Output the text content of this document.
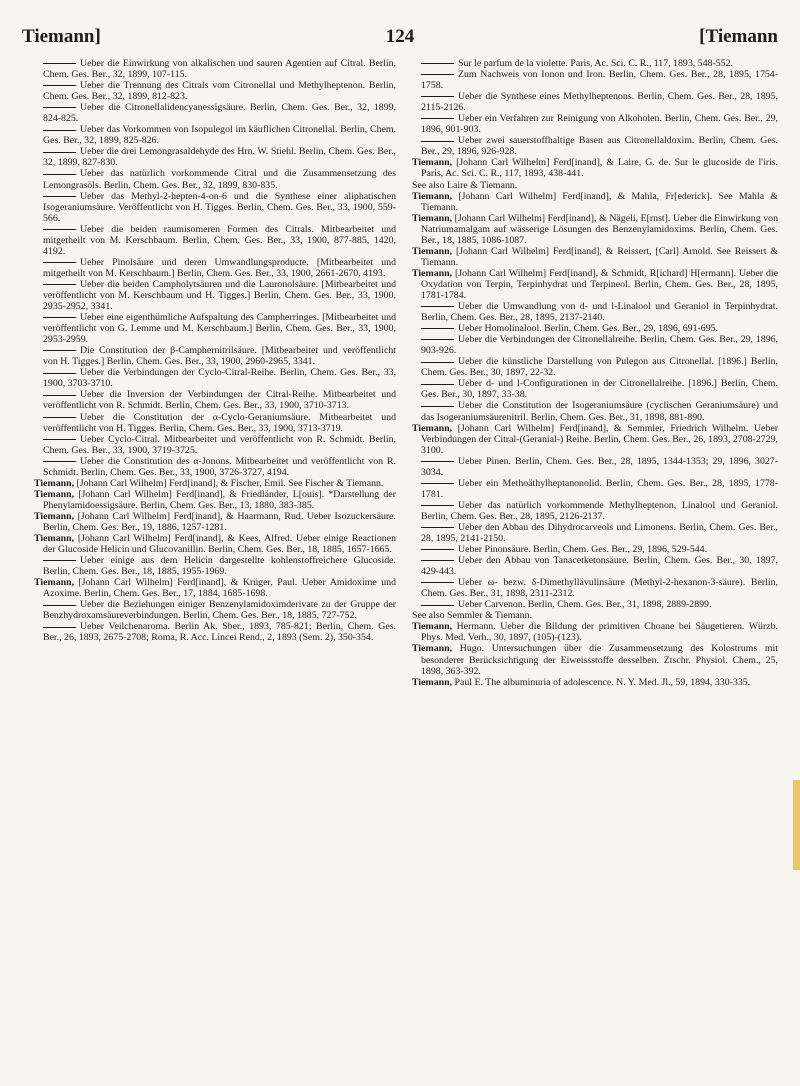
Tiemann]	124	[Tiemann

Ueber die Einwirkung von alkalischen und sauren Agentien auf Citral. Berlin, Chem. Ges. Ber., 32, 1899, 107-115.

Ueber die Trennung des Citrals vom Citronellal und Methylheptenon. Berlin, Chem. Ges. Ber., 32, 1899, 812-823.

Ueber die Citronellalidencyanessigsäure. Berlin, Chem. Ges. Ber., 32, 1899, 824-825.

Ueber das Vorkommen von Isopulegol im käuflichen Citronellal. Berlin, Chem. Ges. Ber., 32, 1899, 825-826.

Ueber die drei Lemongrasaldehyde des Hrn. W. Stiehl. Berlin, Chem. Ges. Ber., 32, 1899, 827-830.

Ueber das natürlich vorkommende Citral und die Zusammensetzung des Lemongrasöls. Berlin, Chem. Ges. Ber., 32, 1899, 830-835.

Ueber das Methyl-2-hepten-4-on-6 und die Synthese einer aliphatischen Isogeraniumsäure. Veröffentlicht von H. Tigges. Berlin, Chem. Ges. Ber., 33, 1900, 559-566.

Ueber die beiden raumisomeren Formen des Citrals. Mitbearbeitet und mitgetheilt von M. Kerschbaum. Berlin, Chem. Ges. Ber., 33, 1900, 877-885, 1420, 4192.

Ueber Pinolsäure und deren Umwandlungsproducte. [Mitbearbeitet und mitgetheilt von M. Kerschbaum.] Berlin, Chem. Ges. Ber., 33, 1900, 2661-2670, 4193.

Ueber die beiden Campholytsäuren und die Lauronolsäure. [Mitbearbeitet und veröffentlicht von M. Kerschbaum und H. Tigges.] Berlin, Chem. Ges. Ber., 33, 1900, 2935-2952, 3341.

Ueber eine eigenthümliche Aufspaltung des Campherringes. [Mitbearbeitet und veröffentlicht von G. Lemme und M. Kerschbaum.] Berlin, Chem. Ges. Ber., 33, 1900, 2953-2959.

Die Constitution der β-Camphernitrilsäure. [Mitbearbeitet und veröffentlicht von H. Tigges.] Berlin, Chem. Ges. Ber., 33, 1900, 2960-2965, 3341.

Ueber die Verbindungen der Cyclo-Citral-Reihe. Berlin, Chem. Ges. Ber., 33, 1900, 3703-3710.

Ueber die Inversion der Verbindungen der Citral-Reihe. Mitbearbeitet und veröffentlicht von R. Schmidt. Berlin, Chem. Ges. Ber., 33, 1900, 3710-3713.

Ueber die Constitution der α-Cyclo-Geraniumsäure. Mitbearbeitet und veröffentlicht von H. Tigges. Berlin, Chem. Ges. Ber., 33, 1900, 3713-3719.

Ueber Cyclo-Citral. Mitbearbeitet und veröffentlicht von R. Schmidt. Berlin, Chem. Ges. Ber., 33, 1900, 3719-3725.

Ueber die Constitution des α-Jonons. Mitbearbeitet und veröffentlicht von R. Schmidt. Berlin, Chem. Ges. Ber., 33, 1900, 3726-3727, 4194.

Tiemann, [Johann Carl Wilhelm] Ferd[inand], & Fischer, Emil. See Fischer & Tiemann.

Tiemann, [Johann Carl Wilhelm] Ferd[inand], & Friedländer, L[ouis]. *Darstellung der Phenylamidoessigsäure. Berlin, Chem. Ges. Ber., 13, 1880, 383-385.

Tiemann, [Johann Carl Wilhelm] Ferd[inand], & Haarmann, Rud. Ueber Isozuckersäure. Berlin, Chem. Ges. Ber., 19, 1886, 1257-1281.

Tiemann, [Johann Carl Wilhelm] Ferd[inand], & Kees, Alfred. Ueber einige Reactionen der Glucoside Helicin und Glucovanillin. Berlin, Chem. Ges. Ber., 18, 1885, 1657-1665.

Ueber einige aus dem Helicin dargestellte kohlenstoffreichere Glucoside. Berlin, Chem. Ges. Ber., 18, 1885, 1955-1969.

Tiemann, [Johann Carl Wilhelm] Ferd[inand], & Krüger, Paul. Ueber Amidoxime und Azoxime. Berlin, Chem. Ges. Ber., 17, 1884, 1685-1698.

Ueber die Beziehungen einiger Benzenylamidoximderivate zu der Gruppe der Benzhydroxamsäureverbindungen. Berlin, Chem. Ges. Ber., 18, 1885, 727-752.

Ueber Veilchenaroma. Berlin Ak. Sber., 1893, 785-821; Berlin, Chem. Ges. Ber., 26, 1893, 2675-2708; Roma, R. Acc. Lincei Rend., 2, 1893 (Sem. 2), 350-354.

Sur le parfum de la violette. Paris, Ac. Sci. C. R., 117, 1893, 548-552.

Zum Nachweis von Ionon und Iron. Berlin, Chem. Ges. Ber., 28, 1895, 1754-1758.

Ueber die Synthese eines Methylheptenons. Berlin, Chem. Ges. Ber., 28, 1895, 2115-2126.

Ueber ein Verfahren zur Reinigung von Alkoholen. Berlin, Chem. Ges. Ber., 29, 1896, 901-903.

Ueber zwei sauerstoffhaltige Basen aus Citronellaldoxim. Berlin, Chem. Ges. Ber., 29, 1896, 926-928.

Tiemann, [Johann Carl Wilhelm] Ferd[inand], & Laire, G. de. Sur le glucoside de l'iris. Paris, Ac. Sci. C. R., 117, 1893, 438-441.

See also Laire & Tiemann.

Tiemann, [Johann Carl Wilhelm] Ferd[inand], & Mahla, Fr[ederick]. See Mahla & Tiemann.

Tiemann, [Johann Carl Wilhelm] Ferd[inand], & Nägeli, E[rnst]. Ueber die Einwirkung von Natriumamalgam auf wässerige Lösungen des Benzenylamidoxims. Berlin, Chem. Ges. Ber., 18, 1885, 1086-1087.

Tiemann, [Johann Carl Wilhelm] Ferd[inand], & Reissert, [Carl] Arnold. See Reissert & Tiemann.

Tiemann, [Johann Carl Wilhelm] Ferd[inand], & Schmidt, R[ichard] H[ermann]. Ueber die Oxydation von Terpin, Terpinhydrat und Terpineol. Berlin, Chem. Ges. Ber., 28, 1895, 1781-1784.

Ueber die Umwandlung von d- und l-Linalool und Geraniol in Terpinhydrat. Berlin, Chem. Ges. Ber., 28, 1895, 2137-2140.

Ueber Homolinalool. Berlin, Chem. Ges. Ber., 29, 1896, 691-695.

Ueber die Verbindungen der Citronellalreihe. Berlin, Chem. Ges. Ber., 29, 1896, 903-926.

Ueber die künstliche Darstellung von Pulegon aus Citronellal. [1896.] Berlin, Chem. Ges. Ber., 30, 1897, 22-32.

Ueber d- und l-Configurationen in der Citronellalreihe. [1896.] Berlin, Chem. Ges. Ber., 30, 1897, 33-38.

Ueber die Constitution der Isogeraniumsäure (cyclischen Geraniumsäure) und das Isogeraniumsäurenitril. Berlin, Chem. Ges. Ber., 31, 1898, 881-890.

Tiemann, [Johann Carl Wilhelm] Ferd[inand], & Semmler, Friedrich Wilhelm. Ueber Verbindungen der Citral-(Geranial-) Reihe. Berlin, Chem. Ges. Ber., 26, 1893, 2708-2729, 3100.

Ueber Pinen. Berlin, Chem. Ges. Ber., 28, 1895, 1344-1353; 29, 1896, 3027-3034.

Ueber ein Methoäthylheptanonolid. Berlin, Chem. Ges. Ber., 28, 1895, 1778-1781.

Ueber das natürlich vorkommende Methylheptenon, Linalool und Geraniol. Berlin, Chem. Ges. Ber., 28, 1895, 2126-2137.

Ueber den Abbau des Dihydrocarveols und Limonens. Berlin, Chem. Ges. Ber., 28, 1895, 2141-2150.

Ueber Pinonsäure. Berlin, Chem. Ges. Ber., 29, 1896, 529-544.

Ueber den Abbau von Tanacetketonsäure. Berlin, Chem. Ges. Ber., 30, 1897, 429-443.

Ueber ω- bezw. δ-Dimethyllävulinsäure (Methyl-2-hexanon-3-säure). Berlin, Chem. Ges. Ber., 31, 1898, 2311-2312.

Ueber Carvenon. Berlin, Chem. Ges. Ber., 31, 1898, 2889-2899.

See also Semmler & Tiemann.

Tiemann, Hermann. Ueber die Bildung der primitiven Choane bei Säugetieren. Würzb. Phys. Med. Verh., 30, 1897, (105)-(123).

Tiemann, Hugo. Untersuchungen über die Zusammensetzung des Kolostrums mit besonderer Berücksichtigung der Eiweissstoffe desselben. Ztschr. Physiol. Chem., 25, 1898, 363-392.

Tiemann, Paul E. The albuminuria of adolescence. N. Y. Med. Jl., 59, 1894, 330-335.
